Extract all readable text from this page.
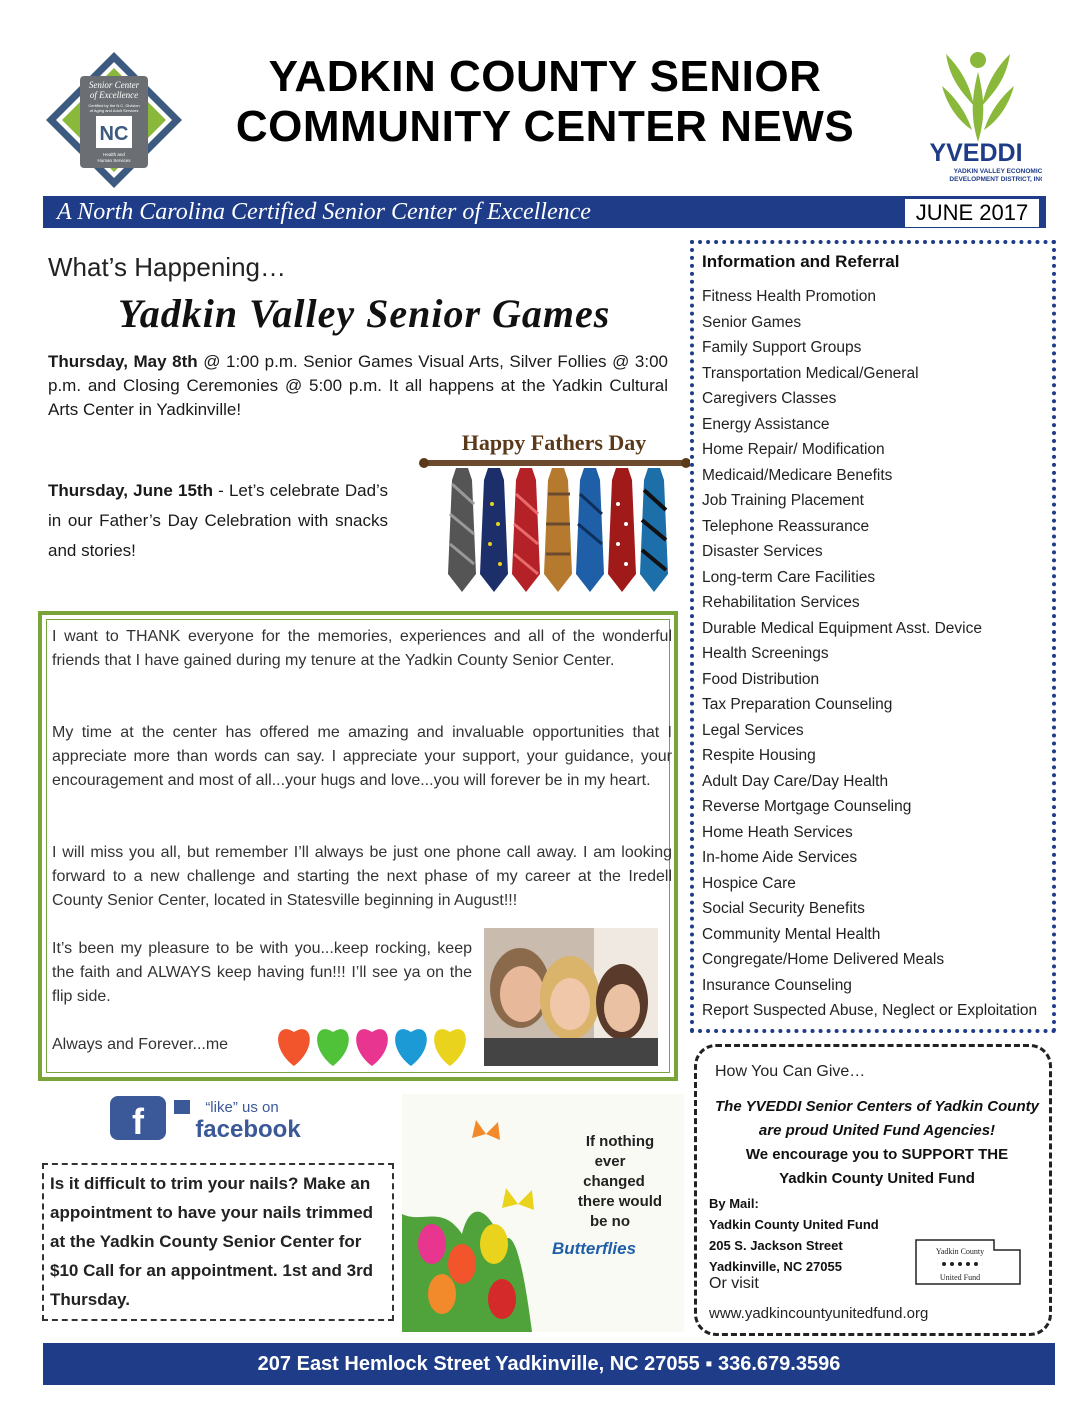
Senior Center
of Excellence
Certified by the N.C. Division
of Aging and Adult Services
NC
Health and
Human Services
YADKIN COUNTY SENIOR
COMMUNITY CENTER NEWS
YVEDDI
YADKIN VALLEY ECONOMIC
DEVELOPMENT DISTRICT, INC.
A North Carolina Certified Senior Center of Excellence	JUNE 2017
What’s Happening…
Yadkin Valley Senior Games
Thursday, May 8th @ 1:00 p.m. Senior Games Visual Arts, Silver Follies @ 3:00 p.m. and Closing Ceremonies @ 5:00 p.m. It all happens at the Yadkin Cultural Arts Center in Yadkinville!
Thursday, June 15th - Let’s celebrate Dad’s in our Father’s Day Celebration with snacks and stories!
Happy Fathers Day

I want to THANK everyone for the memories, experiences and all of the wonderful friends that I have gained during my tenure at the Yadkin County Senior Center.

My time at the center has offered me amazing and invaluable opportunities that I appreciate more than words can say. I appreciate your support, your guidance, your encouragement and most of all...your hugs and love...you will forever be in my heart.

I will miss you all, but remember I’ll always be just one phone call away. I am looking forward to a new challenge and starting the next phase of my career at the Iredell County Senior Center, located in Statesville beginning in August!!!

It’s been my pleasure to be with you...keep rocking, keep the faith and ALWAYS keep having fun!!! I’ll see ya on the flip side.

Always and Forever...me

f	“like” us on
facebook

Is it difficult to trim your nails? Make an appointment to have your nails trimmed at the Yadkin County Senior Center for $10 Call for an appointment. 1st and 3rd Thursday.

If nothing
ever
changed
there would
be no
Butterflies
Information and Referral
Fitness Health Promotion
Senior Games
Family Support Groups
Transportation Medical/General
Caregivers Classes
Energy Assistance
Home Repair/ Modification
Medicaid/Medicare Benefits
Job Training Placement
Telephone Reassurance
Disaster Services
Long-term Care Facilities
Rehabilitation Services
Durable Medical Equipment Asst. Device
Health Screenings
Food Distribution
Tax Preparation Counseling
Legal Services
Respite Housing
Adult Day Care/Day Health
Reverse Mortgage Counseling
Home Heath Services
In-home Aide Services
Hospice Care
Social Security Benefits
Community Mental Health
Congregate/Home Delivered Meals
Insurance Counseling
Report Suspected Abuse, Neglect or Exploitation
How You Can Give…
The YVEDDI Senior Centers of Yadkin County
are proud United Fund Agencies!
We encourage you to SUPPORT THE
Yadkin County United Fund
By Mail:
Yadkin County United Fund
205 S. Jackson Street
Yadkinville, NC 27055
Or visit
www.yadkincountyunitedfund.org
Yadkin County
United Fund
207 East Hemlock Street Yadkinville, NC 27055 ▪ 336.679.3596
